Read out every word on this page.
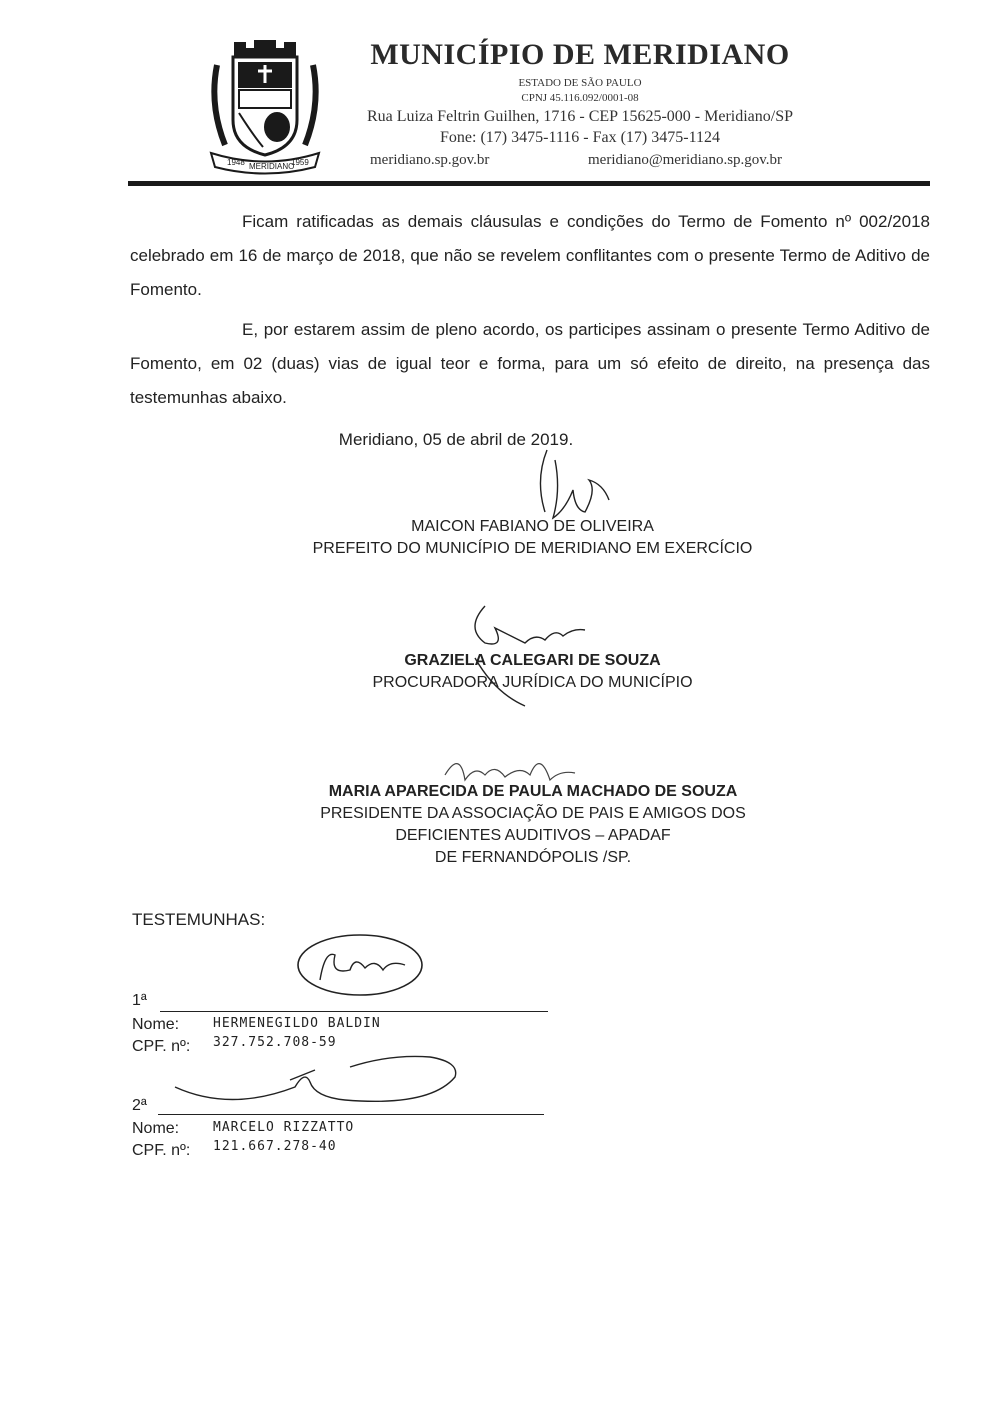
1948 MERIDIANO
1959
MUNICÍPIO DE MERIDIANO
ESTADO DE SÃO PAULO
CPNJ 45.116.092/0001-08
Rua Luiza Feltrin Guilhen, 1716 - CEP 15625-000 - Meridiano/SP
Fone: (17) 3475-1116 - Fax (17) 3475-1124
meridiano.sp.gov.br	meridiano@meridiano.sp.gov.br
Ficam ratificadas as demais cláusulas e condições do Termo de Fomento nº 002/2018 celebrado em 16 de março de 2018, que não se revelem conflitantes com o presente Termo de Aditivo de Fomento.
E, por estarem assim de pleno acordo, os participes assinam o presente Termo Aditivo de Fomento, em 02 (duas) vias de igual teor e forma, para um só efeito de direito, na presença das testemunhas abaixo.
Meridiano, 05 de abril de 2019.
MAICON FABIANO DE OLIVEIRA
PREFEITO DO MUNICÍPIO DE MERIDIANO EM EXERCÍCIO
GRAZIELA CALEGARI DE SOUZA
PROCURADORA JURÍDICA DO MUNICÍPIO
MARIA APARECIDA DE PAULA MACHADO DE SOUZA
PRESIDENTE DA ASSOCIAÇÃO DE PAIS E AMIGOS DOS
DEFICIENTES AUDITIVOS – APADAF
DE FERNANDÓPOLIS /SP.
TESTEMUNHAS:
1ª
Nome:	HERMENEGILDO BALDIN
CPF. nº: 327.752.708-59
2ª
Nome:	MARCELO RIZZATTO
CPF. nº: 121.667.278-40
